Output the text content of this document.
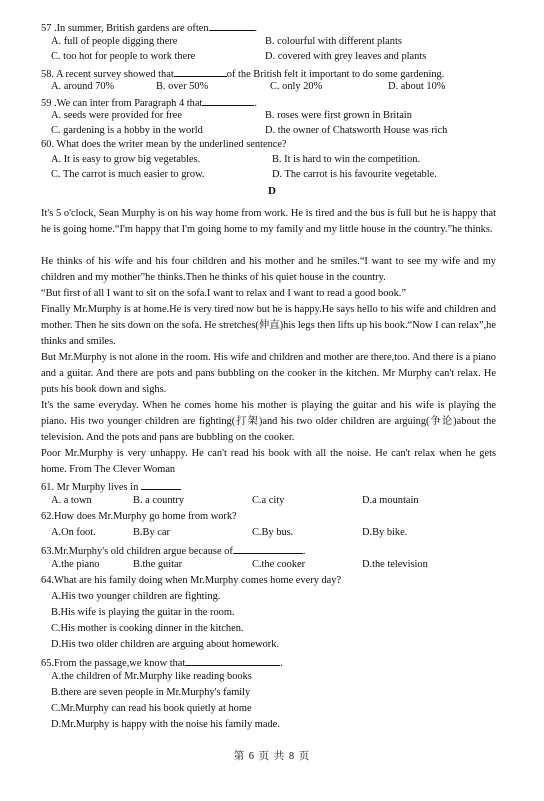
57 .In summer, British gardens are often	.
A. full of people digging there	B. colourful with different plants
C. too hot for people to work there	D. covered with grey leaves and plants
58. A recent survey showed that	of the British felt it important to do some gardening.
A. around 70%	B. over 50%	C. only 20%	D. about 10%
59 .We can inter from Paragraph 4 that	.
A. seeds were provided for free	B. roses were first grown in Britain
C. gardening is a hobby in the world	D. the owner of Chatsworth House was rich
60. What does the writer mean by the underlined sentence?
A. It is easy to grow big vegetables.	B. It is hard to win the competition.
C. The carrot is much easier to grow.	D. The carrot is his favourite vegetable.
D
It's 5 o'clock, Sean Murphy is on his way home from work. He is tired and the bus is full but he is happy that he is going home.“I'm happy that I'm going home to my family and my little house in the country.”he thinks.
He thinks of his wife and his four children and his mother and he smiles.“I want to see my wife and my children and my mother”he thinks.Then he thinks of his quiet house in the country.
“But first of all I want to sit on the sofa.I want to relax and I want to read a good book.”
Finally Mr.Murphy is at home.He is very tired now but he is happy.He says hello to his wife and children and mother. Then he sits down on the sofa. He stretches(伸直)his legs then lifts up his book.“Now I can relax”,he thinks and smiles.
But Mr.Murphy is not alone in the room. His wife and children and mother are there,too. And there is a piano and a guitar. And there are pots and pans bubbling on the cooker in the kitchen. Mr Murphy can't relax. He puts his book down and sighs.
It's the same everyday. When he comes home his mother is playing the guitar and his wife is playing the piano. His two younger children are fighting(打架)and his two older children are arguing(争论)about the television. And the pots and pans are bubbling on the cooker.
Poor Mr.Murphy is very unhappy. He can't read his book with all the noise. He can't relax when he gets home. From The Clever Woman
61. Mr Murphy lives in
A. a town	B. a country	C.a city	D.a mountain
62.How does Mr.Murphy go home from work?
A.On foot.	B.By car	C.By bus.	D.By bike.
63.Mr.Murphy's old children argue because of	.
A.the piano	B.the guitar	C.the cooker	D.the television
64.What are his family doing when Mr.Murphy comes home every day?
A.His two younger children are fighting.
B.His wife is playing the guitar in the room.
C.His mother is cooking dinner in the kitchen.
D.His two older children are arguing about homework.
65.From the passage,we know that	.
A.the children of Mr.Murphy like reading books
B.there are seven people in Mr.Murphy's family
C.Mr.Murphy can read his book quietly at home
D.Mr.Murphy is happy with the noise his family made.
第 6 页 共 8 页
